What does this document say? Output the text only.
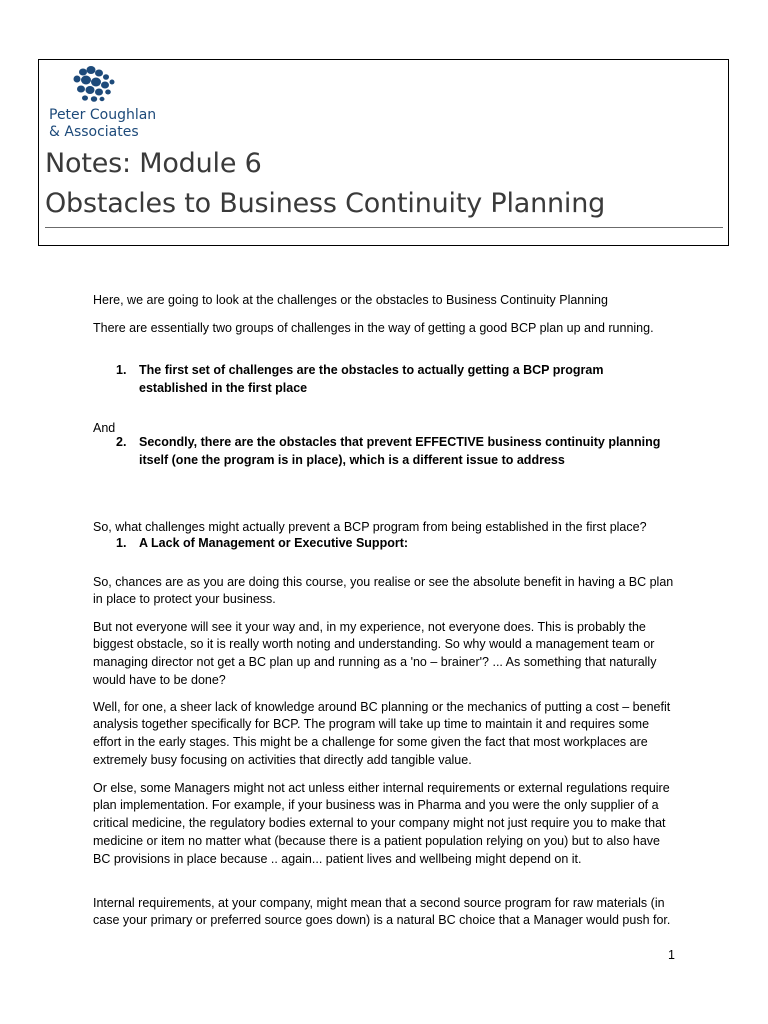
Peter Coughlan
& Associates
Notes: Module 6
Obstacles to Business Continuity Planning

Here, we are going to look at the challenges or the obstacles to Business Continuity Planning

There are essentially two groups of challenges in the way of getting a good BCP plan up and running.

1. The first set of challenges are the obstacles to actually getting a BCP program established in the first place

And

2. Secondly, there are the obstacles that prevent EFFECTIVE business continuity planning itself (one the program is in place), which is a different issue to address

So, what challenges might actually prevent a BCP program from being established in the first place?

1. A Lack of Management or Executive Support:

So, chances are as you are doing this course, you realise or see the absolute benefit in having a BC plan in place to protect your business.

But not everyone will see it your way and, in my experience, not everyone does. This is probably the biggest obstacle, so it is really worth noting and understanding. So why would a management team or managing director not get a BC plan up and running as a 'no – brainer'? ... As something that naturally would have to be done?

Well, for one, a sheer lack of knowledge around BC planning or the mechanics of putting a cost – benefit analysis together specifically for BCP. The program will take up time to maintain it and requires some effort in the early stages. This might be a challenge for some given the fact that most workplaces are extremely busy focusing on activities that directly add tangible value.

Or else, some Managers might not act unless either internal requirements or external regulations require plan implementation. For example, if your business was in Pharma and you were the only supplier of a critical medicine, the regulatory bodies external to your company might not just require you to make that medicine or item no matter what (because there is a patient population relying on you) but to also have BC provisions in place because .. again... patient lives and wellbeing might depend on it.

Internal requirements, at your company, might mean that a second source program for raw materials (in case your primary or preferred source goes down) is a natural BC choice that a Manager would push for.

1
